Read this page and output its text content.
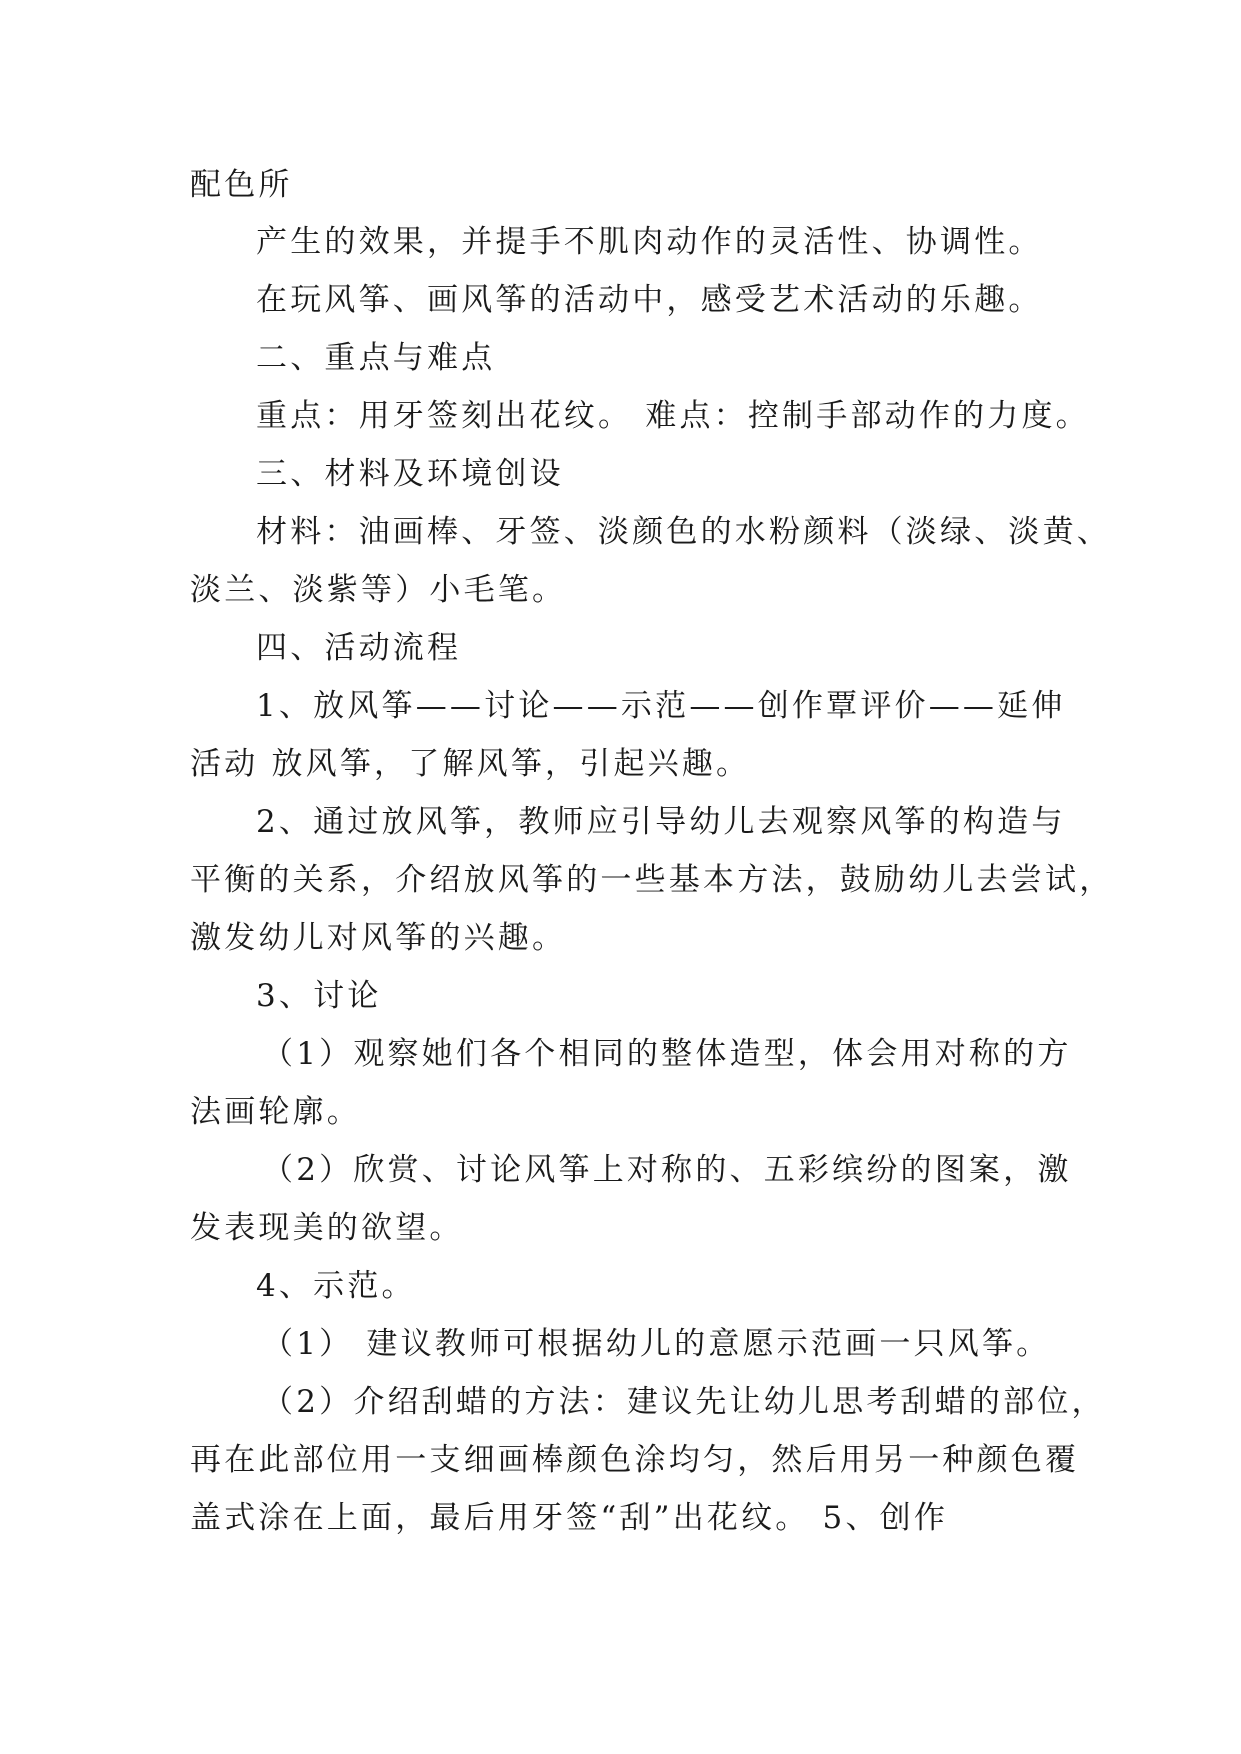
配色所
产生的效果，并提手不肌肉动作的灵活性、协调性。
在玩风筝、画风筝的活动中，感受艺术活动的乐趣。
二、重点与难点
重点：用牙签刻出花纹。 难点：控制手部动作的力度。
三、材料及环境创设
材料：油画棒、牙签、淡颜色的水粉颜料（淡绿、淡黄、
淡兰、淡紫等）小毛笔。
四、活动流程
1、放风筝——讨论——示范——创作覃评价——延伸
活动 放风筝，了解风筝，引起兴趣。
2、通过放风筝，教师应引导幼儿去观察风筝的构造与
平衡的关系，介绍放风筝的一些基本方法，鼓励幼儿去尝试，
激发幼儿对风筝的兴趣。
3、讨论
（1）观察她们各个相同的整体造型，体会用对称的方
法画轮廓。
（2）欣赏、讨论风筝上对称的、五彩缤纷的图案，激
发表现美的欲望。
4、示范。
（1） 建议教师可根据幼儿的意愿示范画一只风筝。
（2）介绍刮蜡的方法：建议先让幼儿思考刮蜡的部位，
再在此部位用一支细画棒颜色涂均匀，然后用另一种颜色覆
盖式涂在上面，最后用牙签“刮”出花纹。 5、创作
